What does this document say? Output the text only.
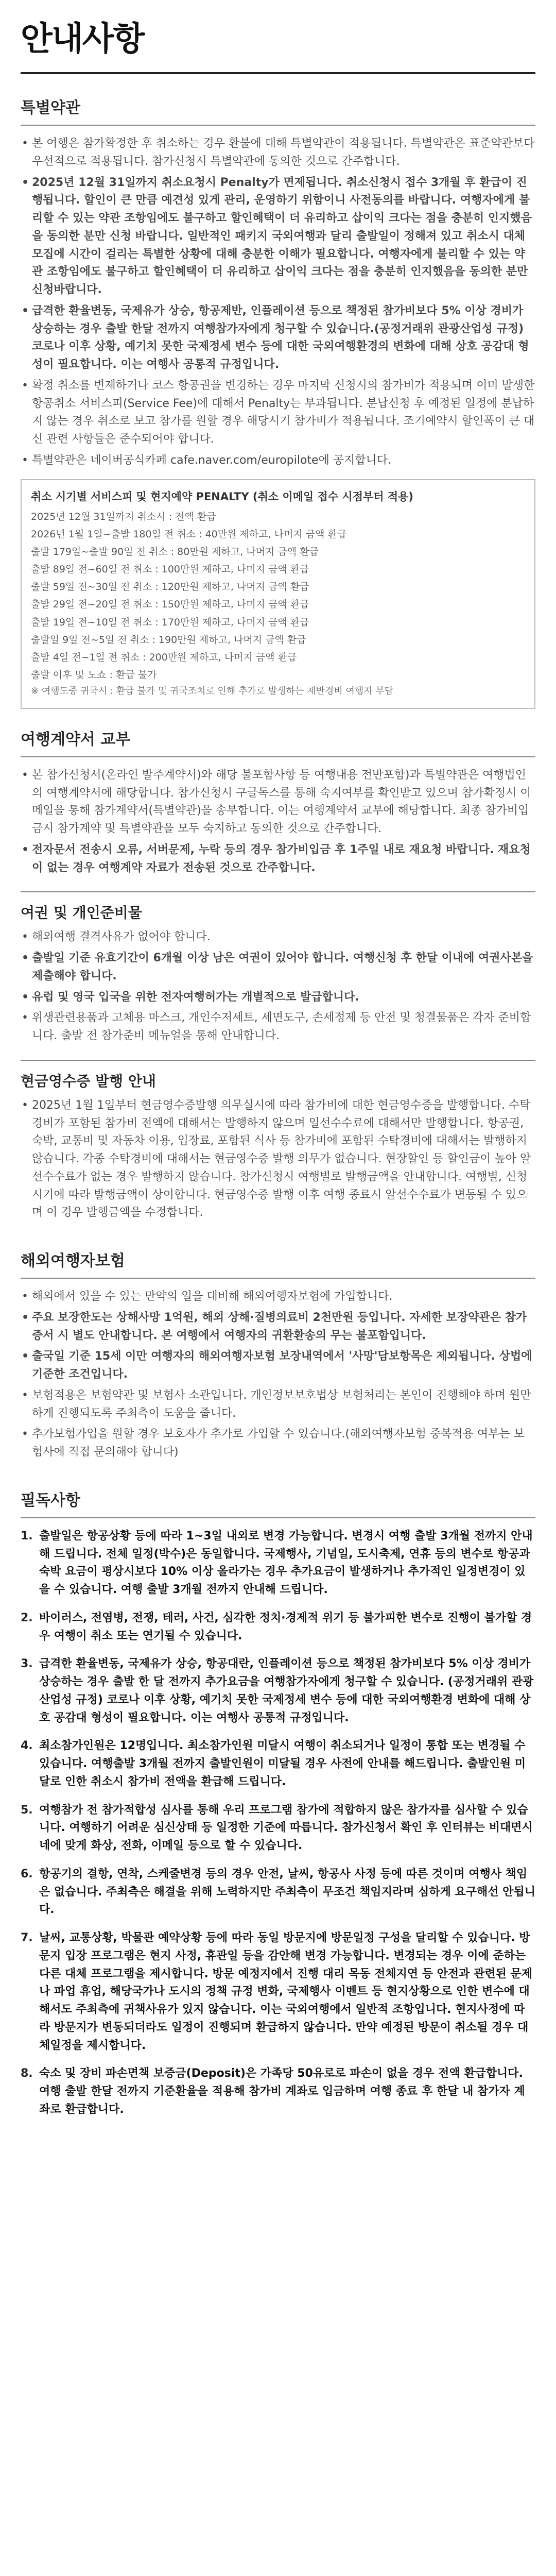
안내사항
특별약관
• 본 여행은 참가확정한 후 취소하는 경우 환불에 대해 특별약관이 적용됩니다. 특별약관은 표준약관보다 우선적으로 적용됩니다. 참가신청시 특별약관에 동의한 것으로 간주합니다.
• 2025년 12월 31일까지 취소요청시 Penalty가 면제됩니다. 취소신청시 접수 3개월 후 환급이 진행됩니다. 할인이 큰 만큼 예견성 있게 관리, 운영하기 위함이니 사전동의를 바랍니다. 여행자에게 불리할 수 있는 약관 조항임에도 불구하고 할인혜택이 더 유리하고 삽이익 크다는 점을 충분히 인지했음을 동의한 분만 신청 바랍니다. 일반적인 패키지 국외여행과 달리 출발일이 정해져 있고 취소시 대체모집에 시간이 걸리는 특별한 상황에 대해 충분한 이해가 필요합니다. 여행자에게 불리할 수 있는 약관 조항임에도 불구하고 할인혜택이 더 유리하고 삽이익 크다는 점을 충분히 인지했음을 동의한 분만 신청바랍니다.
• 급격한 환율변동, 국제유가 상승, 항공제반, 인플레이션 등으로 책정된 참가비보다 5% 이상 경비가 상승하는 경우 출발 한달 전까지 여행참가자에게 청구할 수 있습니다.(공정거래위 관광산업성 규정) 코로나 이후 상황, 예기치 못한 국제정세 변수 등에 대한 국외여행환경의 변화에 대해 상호 공감대 형성이 필요합니다. 이는 여행사 공통적 규정입니다.
• 확정 취소를 변제하거나 코스 항공권을 변경하는 경우 마지막 신청시의 참가비가 적용되며 이미 발생한 항공취소 서비스피(Service Fee)에 대해서 Penalty는 부과됩니다. 분납신청 후 예정된 일정에 분납하지 않는 경우 취소로 보고 참가를 원할 경우 해당시기 참가비가 적용됩니다. 조기예약시 할인폭이 큰 대신 관련 사항들은 준수되어야 합니다.
• 특별약관은 네이버공식카페 cafe.naver.com/europilote에 공지합니다.
취소 시기별 서비스피 및 현지예약 PENALTY (취소 이메일 접수 시점부터 적용)
2025년 12월 31일까지 취소시 : 전액 환급
2026년 1월 1일~출발 180일 전 취소 : 40만원 제하고, 나머지 금액 환급
출발 179일~출발 90일 전 취소 : 80만원 제하고, 나머지 금액 환급
출발 89일 전~60일 전 취소 : 100만원 제하고, 나머지 금액 환급
출발 59일 전~30일 전 취소 : 120만원 제하고, 나머지 금액 환급
출발 29일 전~20일 전 취소 : 150만원 제하고, 나머지 금액 환급
출발 19일 전~10일 전 취소 : 170만원 제하고, 나머지 금액 환급
출발일 9일 전~5일 전 취소 : 190만원 제하고, 나머지 금액 환급
출발 4일 전~1일 전 취소 : 200만원 제하고, 나머지 금액 환급
출발 이후 및 노쇼 : 환급 불가
※ 여행도중 귀국시 : 환급 불가 및 귀국조치로 인해 추가로 발생하는 제반경비 여행자 부담
여행계약서 교부
• 본 참가신청서(온라인 발주계약서)와 해당 불포함사항 등 여행내용 전반포함)과 특별약관은 여행법인의 여행계약서에 해당합니다. 참가신청시 구글독스를 통해 숙지여부를 확인받고 있으며 참가확정시 이메일을 통해 참가계약서(특별약관)을 송부합니다. 이는 여행계약서 교부에 해당합니다. 최종 참가비입금시 참가계약 및 특별약관을 모두 숙지하고 동의한 것으로 간주합니다.
• 전자문서 전송시 오류, 서버문제, 누락 등의 경우 참가비입금 후 1주일 내로 재요청 바랍니다. 재요청이 없는 경우 여행계약 자료가 전송된 것으로 간주합니다.
여권 및 개인준비물
• 해외여행 결격사유가 없어야 합니다.
• 출발일 기준 유효기간이 6개월 이상 남은 여권이 있어야 합니다. 여행신청 후 한달 이내에 여권사본을 제출해야 합니다.
• 유럽 및 영국 입국을 위한 전자여행허가는 개별적으로 발급합니다.
• 위생관련용품과 고체용 마스크, 개인수저세트, 세면도구, 손세정제 등 안전 및 청결물품은 각자 준비합니다. 출발 전 참가준비 메뉴얼을 통해 안내합니다.
현금영수증 발행 안내
• 2025년 1월 1일부터 현금영수증발행 의무실시에 따라 참가비에 대한 현금영수증을 발행합니다. 수탁경비가 포함된 참가비 전액에 대해서는 발행하지 않으며 일선수수료에 대해서만 발행합니다. 항공권, 숙박, 교통비 및 자동차 이용, 입장료, 포함된 식사 등 참가비에 포함된 수탁경비에 대해서는 발행하지 않습니다. 각종 수탁경비에 대해서는 현금영수증 발행 의무가 없습니다. 현장할인 등 할인금이 높아 알선수수료가 없는 경우 발행하지 않습니다. 참가신청시 여행별로 발행금액을 안내합니다. 여행별, 신청시기에 따라 발행금액이 상이합니다. 현금영수증 발행 이후 여행 종료시 알선수수료가 변동될 수 있으며 이 경우 발행금액을 수정합니다.
해외여행자보험
• 해외에서 있을 수 있는 만약의 일을 대비해 해외여행자보험에 가입합니다.
• 주요 보장한도는 상해사망 1억원, 해외 상해·질병의료비 2천만원 등입니다. 자세한 보장약관은 참가증서 시 별도 안내합니다. 본 여행에서 여행자의 귀환환송의 무는 불포함입니다.
• 출국일 기준 15세 이만 여행자의 해외여행자보험 보장내역에서 '사망'담보항목은 제외됩니다. 상법에 기준한 조건입니다.
• 보험적용은 보험약관 및 보험사 소관입니다. 개인정보보호법상 보험처리는 본인이 진행해야 하며 원만하게 진행되도록 주최측이 도움을 줍니다.
• 추가보험가입을 원할 경우 보호자가 추가로 가입할 수 있습니다.(해외여행자보험 중복적용 여부는 보험사에 직접 문의해야 합니다)
필독사항
1. 출발일은 항공상황 등에 따라 1~3일 내외로 변경 가능합니다. 변경시 여행 출발 3개월 전까지 안내해 드립니다. 전체 일정(박수)은 동일합니다. 국제행사, 기념일, 도시축제, 연휴 등의 변수로 항공과 숙박 요금이 평상시보다 10% 이상 올라가는 경우 추가요금이 발생하거나 추가적인 일정변경이 있을 수 있습니다. 여행 출발 3개월 전까지 안내해 드립니다.
2. 바이러스, 전염병, 전쟁, 테러, 사건, 심각한 정치·경제적 위기 등 불가피한 변수로 진행이 불가할 경우 여행이 취소 또는 연기될 수 있습니다.
3. 급격한 환율변동, 국제유가 상승, 항공대란, 인플레이션 등으로 책정된 참가비보다 5% 이상 경비가 상승하는 경우 출발 한 달 전까지 추가요금을 여행참가자에게 청구할 수 있습니다. (공정거래위 관광산업성 규정) 코로나 이후 상황, 예기치 못한 국제정세 변수 등에 대한 국외여행환경 변화에 대해 상호 공감대 형성이 필요합니다. 이는 여행사 공통적 규정입니다.
4. 최소참가인원은 12명입니다. 최소참가인원 미달시 여행이 취소되거나 일정이 통합 또는 변경될 수 있습니다. 여행출발 3개월 전까지 출발인원이 미달될 경우 사전에 안내를 해드립니다. 출발인원 미달로 인한 취소시 참가비 전액을 환급해 드립니다.
5. 여행참가 전 참가적합성 심사를 통해 우리 프로그램 참가에 적합하지 않은 참가자를 심사할 수 있습니다. 여행하기 어려운 심신상태 등 일정한 기준에 따릅니다. 참가신청서 확인 후 인터뷰는 비대면시네에 맞게 화상, 전화, 이메일 등으로 할 수 있습니다.
6. 항공기의 결항, 연착, 스케줄변경 등의 경우 안전, 날씨, 항공사 사정 등에 따른 것이며 여행사 책임은 없습니다. 주최측은 해결을 위해 노력하지만 주최측이 무조건 책임지라며 심하게 요구해선 안됩니다.
7. 날씨, 교통상황, 박물관 예약상황 등에 따라 동일 방문지에 방문일정 구성을 달리할 수 있습니다. 방문지 입장 프로그램은 현지 사정, 휴관일 등을 감안해 변경 가능합니다. 변경되는 경우 이에 준하는 다른 대체 프로그램을 제시합니다. 방문 예정지에서 진행 대리 목동 전체지연 등 안전과 관련된 문제나 파업 휴업, 해당국가나 도시의 정책 규정 변화, 국제행사 이벤트 등 현지상황으로 인한 변수에 대해서도 주최측에 귀책사유가 있지 않습니다. 이는 국외여행에서 일반적 조항입니다. 현지사정에 따라 방문지가 변동되더라도 일정이 진행되며 환급하지 않습니다. 만약 예정된 방문이 취소될 경우 대체일정을 제시합니다.
8. 숙소 및 장비 파손면책 보증금(Deposit)은 가족당 50유로로 파손이 없을 경우 전액 환급합니다. 여행 출발 한달 전까지 기준환율을 적용해 참가비 계좌로 입금하며 여행 종료 후 한달 내 참가자 계좌로 환급합니다.
